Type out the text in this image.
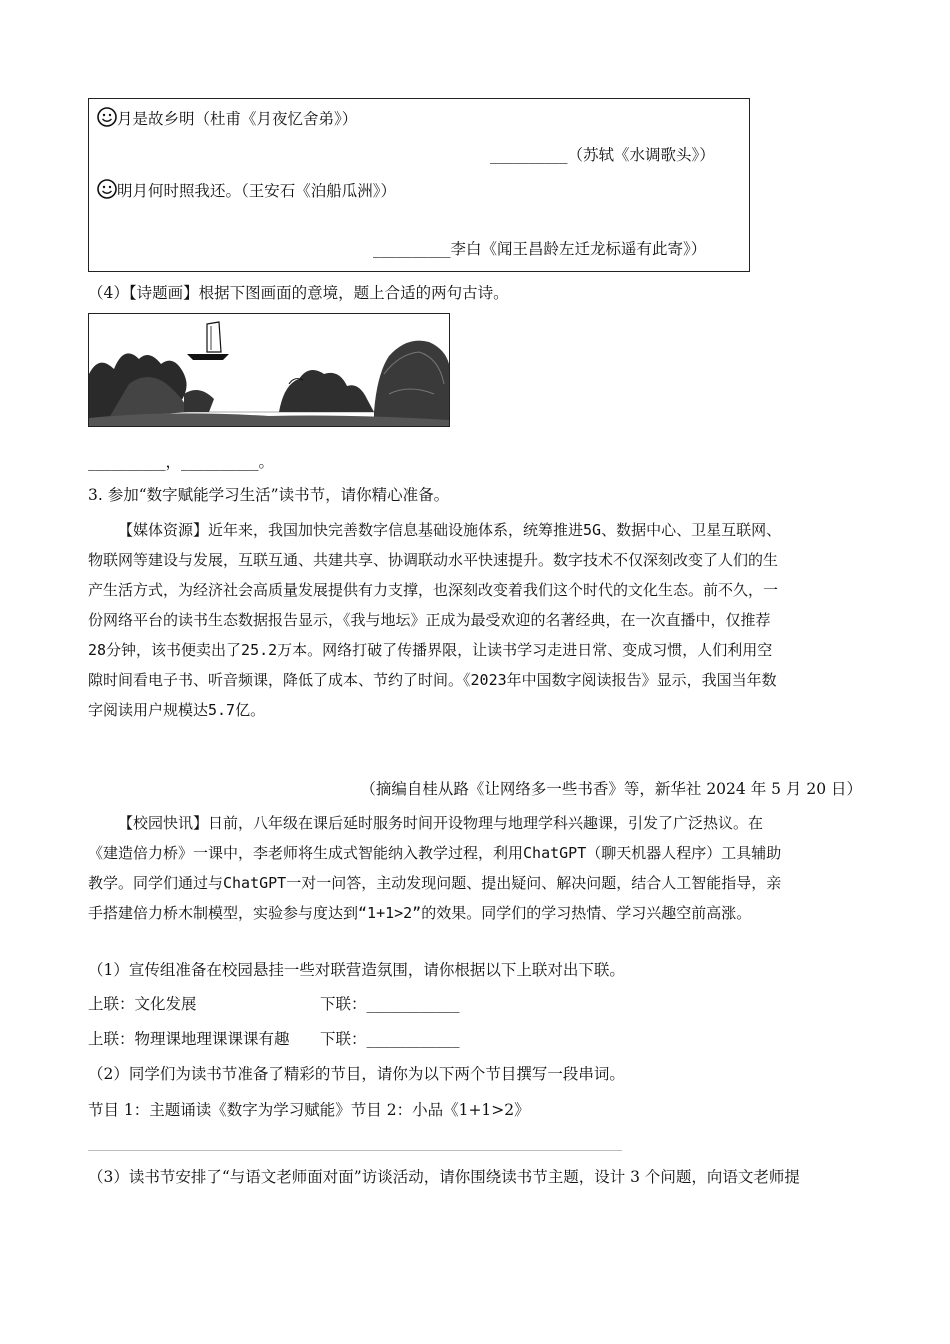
月是故乡明（杜甫《月夜忆舍弟》）
__________（苏轼《水调歌头》）
明月何时照我还。（王安石《泊船瓜洲》）
__________李白《闻王昌龄左迁龙标遥有此寄》）
（4）【诗题画】根据下图画面的意境，题上合适的两句古诗。
__________，__________。
3. 参加“数字赋能学习生活”读书节，请你精心准备。
【媒体资源】近年来，我国加快完善数字信息基础设施体系，统筹推进5G、数据中心、卫星互联网、
物联网等建设与发展，互联互通、共建共享、协调联动水平快速提升。数字技术不仅深刻改变了人们的生
产生活方式，为经济社会高质量发展提供有力支撑，也深刻改变着我们这个时代的文化生态。前不久，一
份网络平台的读书生态数据报告显示，《我与地坛》正成为最受欢迎的名著经典，在一次直播中，仅推荐
28分钟，该书便卖出了25.2万本。网络打破了传播界限，让读书学习走进日常、变成习惯，人们利用空
隙时间看电子书、听音频课，降低了成本、节约了时间。《2023年中国数字阅读报告》显示，我国当年数
字阅读用户规模达5.7亿。
（摘编自桂从路《让网络多一些书香》等，新华社 2024 年 5 月 20 日）
【校园快讯】日前，八年级在课后延时服务时间开设物理与地理学科兴趣课，引发了广泛热议。在
《建造倍力桥》一课中，李老师将生成式智能纳入教学过程，利用ChatGPT（聊天机器人程序）工具辅助
教学。同学们通过与ChatGPT一对一问答，主动发现问题、提出疑问、解决问题，结合人工智能指导，亲
手搭建倍力桥木制模型，实验参与度达到“1+1>2”的效果。同学们的学习热情、学习兴趣空前高涨。
（1）宣传组准备在校园悬挂一些对联营造氛围，请你根据以下上联对出下联。
上联：文化发展	下联：____________
上联：物理课地理课课课有趣 下联：____________
（2）同学们为读书节准备了精彩的节目，请你为以下两个节目撰写一段串词。
节目 1：主题诵读《数字为学习赋能》节目 2：小品《1+1>2》
（3）读书节安排了“与语文老师面对面”访谈活动，请你围绕读书节主题，设计 3 个问题，向语文老师提
